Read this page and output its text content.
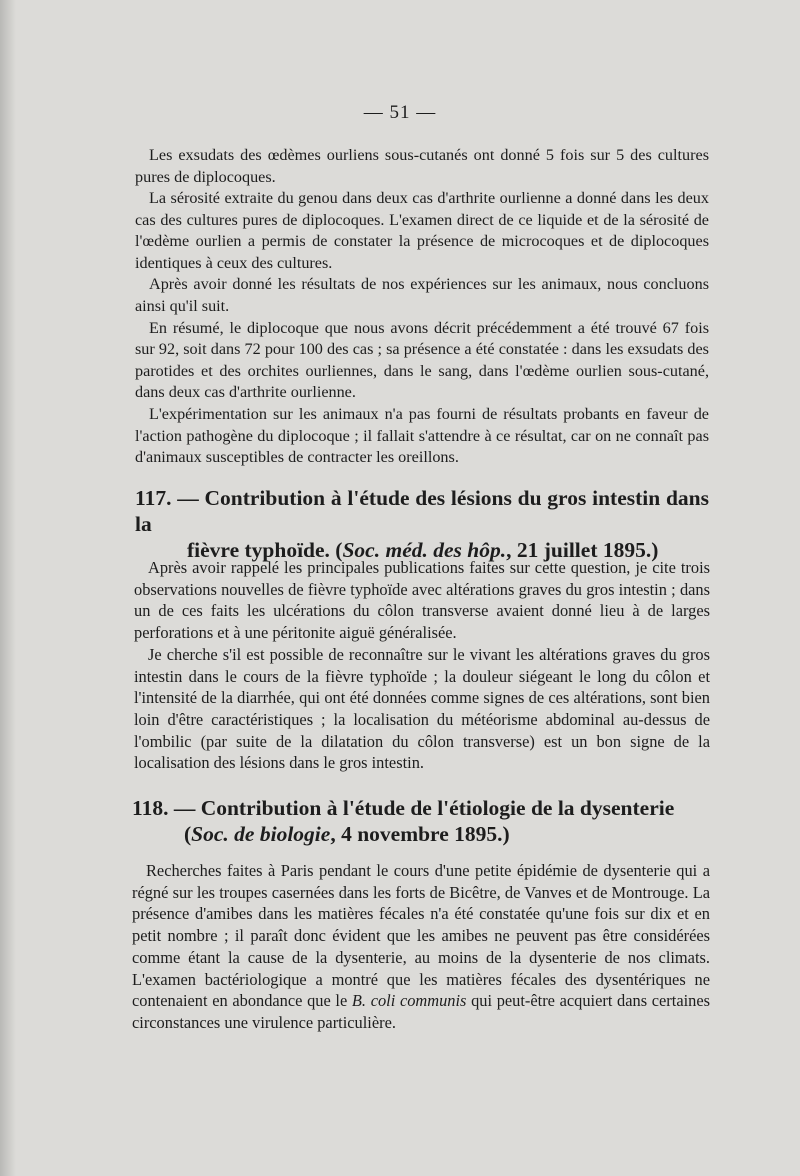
— 51 —

Les exsudats des œdèmes ourliens sous-cutanés ont donné 5 fois sur 5 des cultures pures de diplocoques.

La sérosité extraite du genou dans deux cas d'arthrite ourlienne a donné dans les deux cas des cultures pures de diplocoques. L'examen direct de ce liquide et de la sérosité de l'œdème ourlien a permis de constater la présence de microcoques et de diplocoques identiques à ceux des cultures.

Après avoir donné les résultats de nos expériences sur les animaux, nous concluons ainsi qu'il suit.

En résumé, le diplocoque que nous avons décrit précédemment a été trouvé 67 fois sur 92, soit dans 72 pour 100 des cas ; sa présence a été constatée : dans les exsudats des parotides et des orchites ourliennes, dans le sang, dans l'œdème ourlien sous-cutané, dans deux cas d'arthrite ourlienne.

L'expérimentation sur les animaux n'a pas fourni de résultats probants en faveur de l'action pathogène du diplocoque ; il fallait s'attendre à ce résultat, car on ne connaît pas d'animaux susceptibles de contracter les oreillons.

117. — Contribution à l'étude des lésions du gros intestin dans la
fièvre typhoïde. (Soc. méd. des hôp., 21 juillet 1895.)

Après avoir rappelé les principales publications faites sur cette question, je cite trois observations nouvelles de fièvre typhoïde avec altérations graves du gros intestin ; dans un de ces faits les ulcérations du côlon transverse avaient donné lieu à de larges perforations et à une péritonite aiguë généralisée.

Je cherche s'il est possible de reconnaître sur le vivant les altérations graves du gros intestin dans le cours de la fièvre typhoïde ; la douleur siégeant le long du côlon et l'intensité de la diarrhée, qui ont été données comme signes de ces altérations, sont bien loin d'être caractéristiques ; la localisation du météorisme abdominal au-dessus de l'ombilic (par suite de la dilatation du côlon transverse) est un bon signe de la localisation des lésions dans le gros intestin.

118. — Contribution à l'étude de l'étiologie de la dysenterie
(Soc. de biologie, 4 novembre 1895.)

Recherches faites à Paris pendant le cours d'une petite épidémie de dysenterie qui a régné sur les troupes casernées dans les forts de Bicêtre, de Vanves et de Montrouge. La présence d'amibes dans les matières fécales n'a été constatée qu'une fois sur dix et en petit nombre ; il paraît donc évident que les amibes ne peuvent pas être considérées comme étant la cause de la dysenterie, au moins de la dysenterie de nos climats. L'examen bactériologique a montré que les matières fécales des dysentériques ne contenaient en abondance que le B. coli communis qui peut-être acquiert dans certaines circonstances une virulence particulière.
